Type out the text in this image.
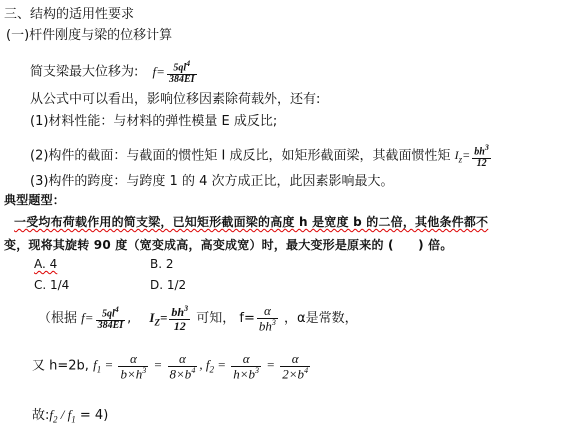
三、结构的适用性要求
(一)杆件刚度与梁的位移计算
简支梁最大位移为: $f= \frac{5ql^4}{384EI}$
从公式中可以看出，影响位移因素除荷载外，还有:
(1)材料性能：与材料的弹性模量 E 成反比;
(2)构件的截面：与截面的惯性矩 I 成反比，如矩形截面梁，其截面惯性矩 $I_z= \frac{bh^3}{12}$
(3)构件的跨度：与跨度 1 的 4 次方成正比，此因素影响最大。
典型题型：
一受均布荷载作用的简支梁，已知矩形截面梁的高度 h 是宽度 b 的二倍，其他条件都不
变，现将其旋转 90 度（宽变成高，高变成宽）时，最大变形是原来的 (　　) 倍。
A. 4	B. 2
C. 1/4	D. 1/2
（根据 $f= \frac{5ql^4}{384EI}$ , $I_Z= \frac{bh^3}{12}$ 可知， $f= \frac{\alpha}{bh^3}$ ，α是常数，
又 h=2b, $f_1 = \frac{\alpha}{b\times h^3} = \frac{\alpha}{8\times b^4}$ , $f_2 = \frac{\alpha}{h\times b^3} = \frac{\alpha}{2\times b^4}$
故$:f_2 / f_1 = 4$)
